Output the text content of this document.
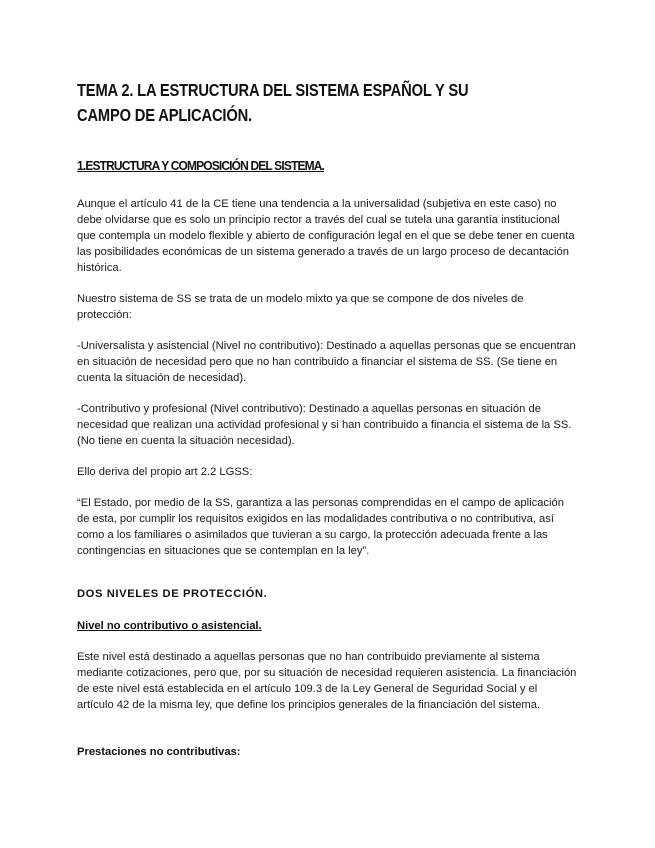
TEMA 2. LA ESTRUCTURA DEL SISTEMA ESPAÑOL Y SU CAMPO DE APLICACIÓN.
1.ESTRUCTURA Y COMPOSICIÓN DEL SISTEMA.

Aunque el artículo 41 de la CE tiene una tendencia a la universalidad (subjetiva en este caso) no debe olvidarse que es solo un principio rector a través del cual se tutela una garantía institucional que contempla un modelo flexible y abierto de configuración legal en el que se debe tener en cuenta las posibilidades económicas de un sistema generado a través de un largo proceso de decantación histórica.

Nuestro sistema de SS se trata de un modelo mixto ya que se compone de dos niveles de protección:

-Universalista y asistencial (Nivel no contributivo): Destinado a aquellas personas que se encuentran en situación de necesidad pero que no han contribuido a financiar el sistema de SS. (Se tiene en cuenta la situación de necesidad).

-Contributivo y profesional (Nivel contributivo): Destinado a aquellas personas en situación de necesidad que realizan una actividad profesional y si han contribuido a financia el sistema de la SS. (No tiene en cuenta la situación necesidad).

Ello deriva del propio art 2.2 LGSS:

“El Estado, por medio de la SS, garantiza a las personas comprendidas en el campo de aplicación de esta, por cumplir los requisitos exigidos en las modalidades contributiva o no contributiva, así como a los familiares o asimilados que tuvieran a su cargo, la protección adecuada frente a las contingencias en situaciones que se contemplan en la ley”.

DOS NIVELES DE PROTECCIÓN.
Nivel no contributivo o asistencial.

Este nivel está destinado a aquellas personas que no han contribuido previamente al sistema mediante cotizaciones, pero que, por su situación de necesidad requieren asistencia. La financiación de este nivel está establecida en el artículo 109.3 de la Ley General de Seguridad Social y el artículo 42 de la misma ley, que define los principios generales de la financiación del sistema.

Prestaciones no contributivas:
